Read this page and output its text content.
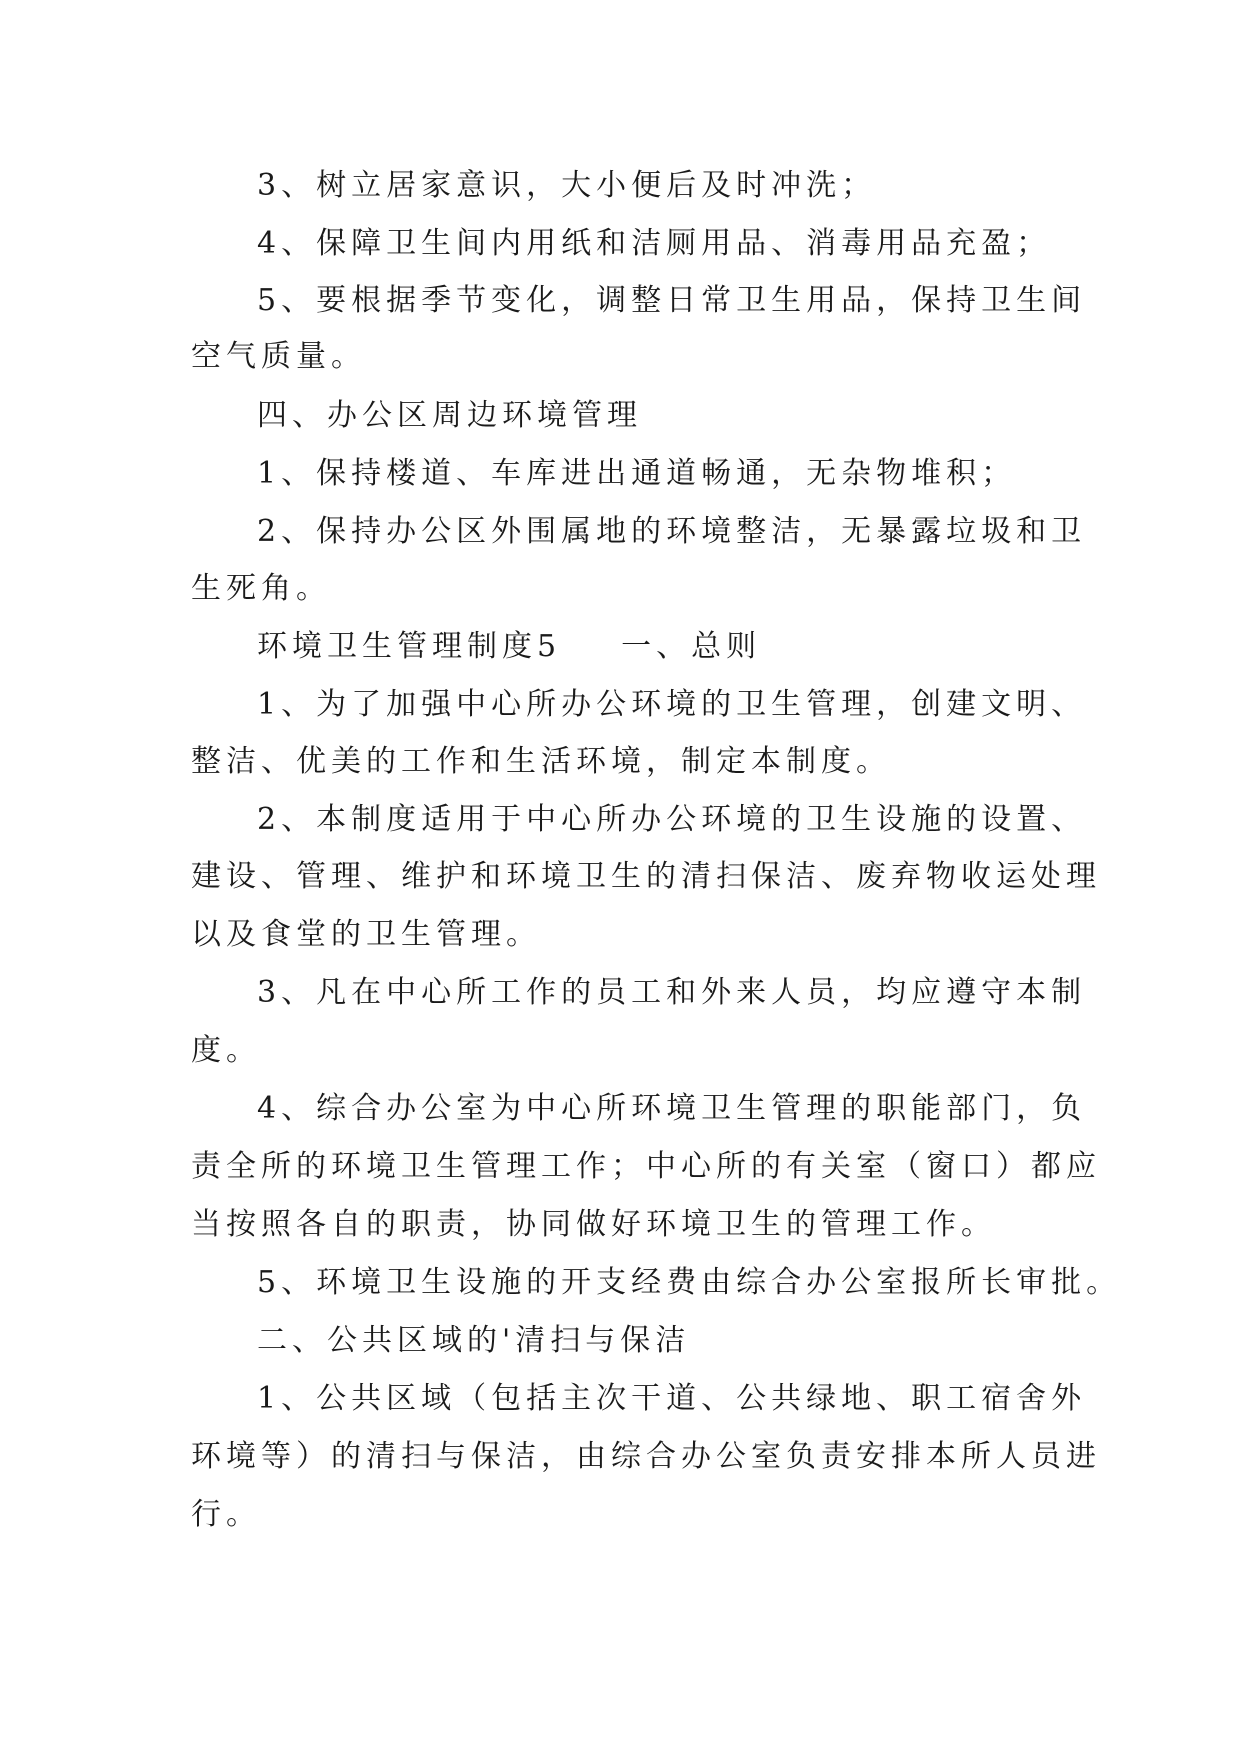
3、树立居家意识，大小便后及时冲洗；
4、保障卫生间内用纸和洁厕用品、消毒用品充盈；
5、要根据季节变化，调整日常卫生用品，保持卫生间
空气质量。
四、办公区周边环境管理
1、保持楼道、车库进出通道畅通，无杂物堆积；
2、保持办公区外围属地的环境整洁，无暴露垃圾和卫
生死角。
环境卫生管理制度5 一、总则
1、为了加强中心所办公环境的卫生管理，创建文明、
整洁、优美的工作和生活环境，制定本制度。
2、本制度适用于中心所办公环境的卫生设施的设置、
建设、管理、维护和环境卫生的清扫保洁、废弃物收运处理
以及食堂的卫生管理。
3、凡在中心所工作的员工和外来人员，均应遵守本制
度。
4、综合办公室为中心所环境卫生管理的职能部门，负
责全所的环境卫生管理工作；中心所的有关室（窗口）都应
当按照各自的职责，协同做好环境卫生的管理工作。
5、环境卫生设施的开支经费由综合办公室报所长审批。
二、公共区域的'清扫与保洁
1、公共区域（包括主次干道、公共绿地、职工宿舍外
环境等）的清扫与保洁，由综合办公室负责安排本所人员进
行。
